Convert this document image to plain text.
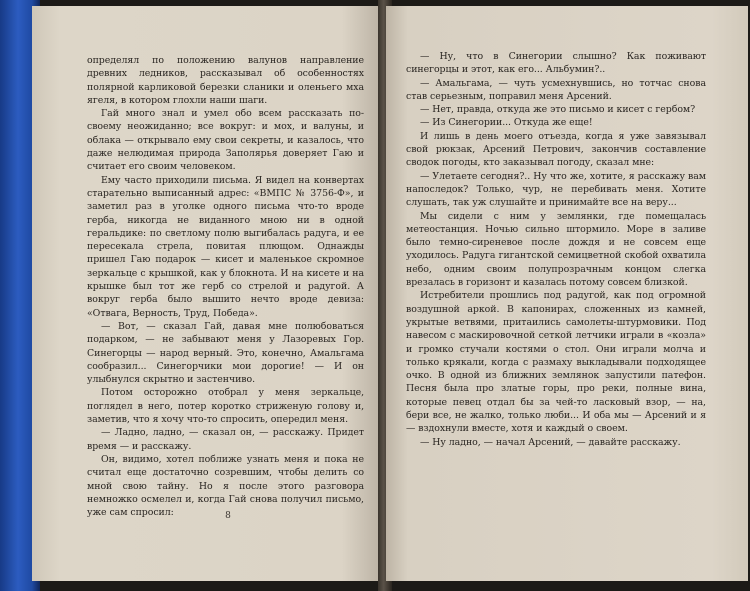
определял по положению валунов направление древних ледников, рассказывал об особенностях полярной карликовой березки сланики и оленьего мха ягеля, в котором глохли наши шаги.

Гай много знал и умел обо всем рассказать по-своему неожиданно; все вокруг: и мох, и валуны, и облака — открывало ему свои секреты, и казалось, что даже нелюдимая природа Заполярья доверяет Гаю и считает его своим человеком.

Ему часто приходили письма. Я видел на конвертах старательно выписанный адрес: «ВМПС № 3756-Ф», и заметил раз в уголке одного письма что-то вроде герба, никогда не виданного мною ни в одной геральдике: по светлому полю выгибалась радуга, и ее пересекала стрела, повитая плющом. Однажды пришел Гаю подарок — кисет и маленькое скромное зеркальце с крышкой, как у блокнота. И на кисете и на крышке был тот же герб со стрелой и радугой. А вокруг герба было вышито нечто вроде девиза: «Отвага, Верность, Труд, Победа».

— Вот, — сказал Гай, давая мне полюбоваться подарком, — не забывают меня у Лазоревых Гор. Синегорцы — народ верный. Это, конечно, Амальгама сообразил... Синегорчики мои дорогие! — И он улыбнулся скрытно и застенчиво.

Потом осторожно отобрал у меня зеркальце, поглядел в него, потер коротко стриженую голову и, заметив, что я хочу что-то спросить, опередил меня.

— Ладно, ладно, — сказал он, — расскажу. Придет время — и расскажу.

Он, видимо, хотел поближе узнать меня и пока не считал еще достаточно созревшим, чтобы делить со мной свою тайну. Но я после этого разговора немножко осмелел и, когда Гай снова получил письмо, уже сам спросил:	8

— Ну, что в Синегории слышно? Как поживают синегорцы и этот, как его... Альбумин?..

— Амальгама, — чуть усмехнувшись, но тотчас снова став серьезным, поправил меня Арсений.

— Нет, правда, откуда же это письмо и кисет с гербом?

— Из Синегории... Откуда же еще!

И лишь в день моего отъезда, когда я уже завязывал свой рюкзак, Арсений Петрович, закончив составление сводок погоды, кто заказывал погоду, сказал мне:

— Улетаете сегодня?.. Ну что же, хотите, я расскажу вам напоследок? Только, чур, не перебивать меня. Хотите слушать, так уж слушайте и принимайте все на веру...

Мы сидели с ним у землянки, где помещалась метеостанция. Ночью сильно штормило. Море в заливе было темно-сиреневое после дождя и не совсем еще уходилось. Радуга гигантской семицветной скобой охватила небо, одним своим полупрозрачным концом слегка врезалась в горизонт и казалась потому совсем близкой.

Истребители прошлись под радугой, как под огромной воздушной аркой. В капонирах, сложенных из камней, укрытые ветвями, притаились самолеты-штурмовики. Под навесом с маскировочной сеткой летчики играли в «козла» и громко стучали костями о стол. Они играли молча и только крякали, когда с размаху выкладывали подходящее очко. В одной из ближних землянок запустили патефон. Песня была про златые горы, про реки, полные вина, которые певец отдал бы за чей-то ласковый взор, — на, бери все, не жалко, только люби... И оба мы — Арсений и я — вздохнули вместе, хотя и каждый о своем.

— Ну ладно, — начал Арсений, — давайте расскажу.
